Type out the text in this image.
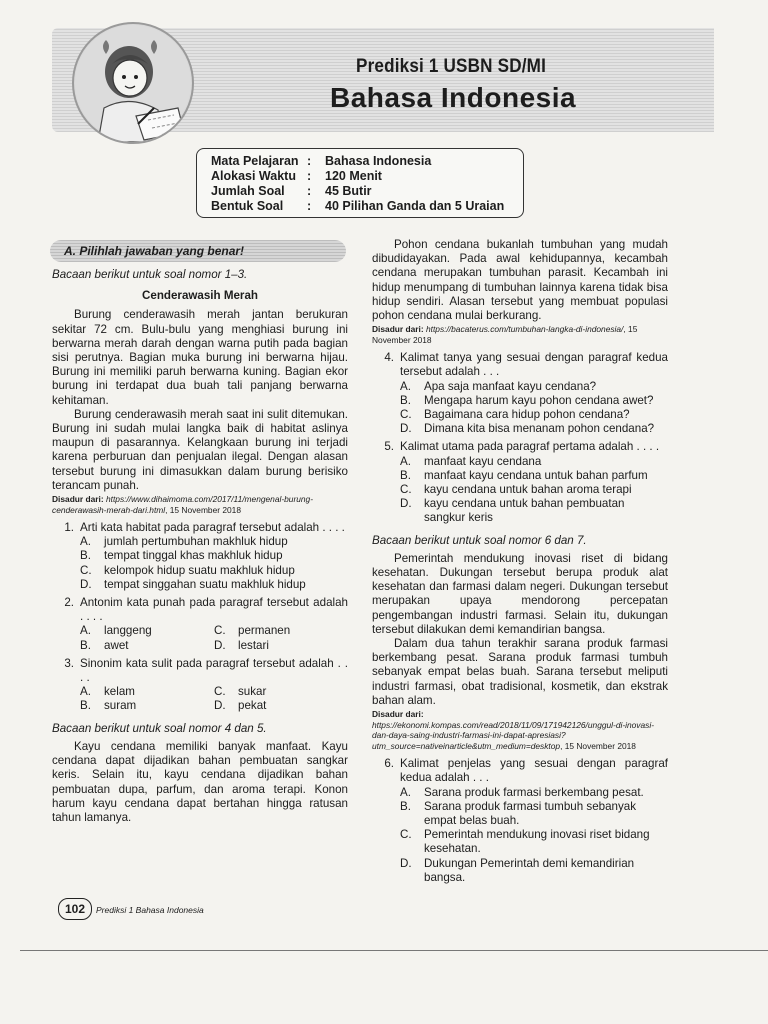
Prediksi 1 USBN SD/MI
Bahasa Indonesia
Mata Pelajaran : Bahasa Indonesia
Alokasi Waktu : 120 Menit
Jumlah Soal : 45 Butir
Bentuk Soal : 40 Pilihan Ganda dan 5 Uraian
A. Pilihlah jawaban yang benar!
Bacaan berikut untuk soal nomor 1–3.
Cenderawasih Merah

Burung cenderawasih merah jantan berukuran sekitar 72 cm. Bulu-bulu yang menghiasi burung ini berwarna merah darah dengan warna putih pada bagian sisi perutnya. Bagian muka burung ini berwarna hijau. Burung ini memiliki paruh berwarna kuning. Bagian ekor burung ini terdapat dua buah tali panjang berwarna kehitaman.

Burung cenderawasih merah saat ini sulit ditemukan. Burung ini sudah mulai langka baik di habitat aslinya maupun di pasarannya. Kelangkaan burung ini terjadi karena perburuan dan penjualan ilegal. Dengan alasan tersebut burung ini dimasukkan dalam burung berisiko terancam punah.

Disadur dari: https://www.dihaimoma.com/2017/11/mengenal-burung-cenderawasih-merah-dari.html, 15 November 2018
1. Arti kata habitat pada paragraf tersebut adalah . . . .
A.	jumlah pertumbuhan makhluk hidup
B.	tempat tinggal khas makhluk hidup
C.	kelompok hidup suatu makhluk hidup
D.	tempat singgahan suatu makhluk hidup
2. Antonim kata punah pada paragraf tersebut adalah . . . .
A.	langgeng	C.	permanen
B.	awet	D.	lestari
3. Sinonim kata sulit pada paragraf tersebut adalah . . . .
A.	kelam	C.	sukar
B.	suram	D.	pekat
Bacaan berikut untuk soal nomor 4 dan 5.

Kayu cendana memiliki banyak manfaat. Kayu cendana dapat dijadikan bahan pembuatan sangkar keris. Selain itu, kayu cendana dijadikan bahan pembuatan dupa, parfum, dan aroma terapi. Konon harum kayu cendana dapat bertahan hingga ratusan tahun lamanya.

Pohon cendana bukanlah tumbuhan yang mudah dibudidayakan. Pada awal kehidupannya, kecambah cendana merupakan tumbuhan parasit. Kecambah ini hidup menumpang di tumbuhan lainnya karena tidak bisa hidup sendiri. Alasan tersebut yang membuat populasi pohon cendana mulai berkurang.

Disadur dari: https://bacaterus.com/tumbuhan-langka-di-indonesia/, 15 November 2018
4. Kalimat tanya yang sesuai dengan paragraf kedua tersebut adalah . . .
A.	Apa saja manfaat kayu cendana?
B.	Mengapa harum kayu pohon cendana awet?
C.	Bagaimana cara hidup pohon cendana?
D.	Dimana kita bisa menanam pohon cendana?
5. Kalimat utama pada paragraf pertama adalah . . . .
A.	manfaat kayu cendana
B.	manfaat kayu cendana untuk bahan parfum
C.	kayu cendana untuk bahan aroma terapi
D.	kayu cendana untuk bahan pembuatan sangkur keris
Bacaan berikut untuk soal nomor 6 dan 7.

Pemerintah mendukung inovasi riset di bidang kesehatan. Dukungan tersebut berupa produk alat kesehatan dan farmasi dalam negeri. Dukungan tersebut merupakan upaya mendorong percepatan pengembangan industri farmasi. Selain itu, dukungan tersebut dilakukan demi kemandirian bangsa.

Dalam dua tahun terakhir sarana produk farmasi berkembang pesat. Sarana produk farmasi tumbuh sebanyak empat belas buah. Sarana tersebut meliputi industri farmasi, obat tradisional, kosmetik, dan ekstrak bahan alam.

Disadur dari: https://ekonomi.kompas.com/read/2018/11/09/171942126/unggul-di-inovasi-dan-daya-saing-industri-farmasi-ini-dapat-apresiasi?utm_source=nativeinarticle&utm_medium=desktop, 15 November 2018
6. Kalimat penjelas yang sesuai dengan paragraf kedua adalah . . .
A.	Sarana produk farmasi berkembang pesat.
B.	Sarana produk farmasi tumbuh sebanyak empat belas buah.
C.	Pemerintah mendukung inovasi riset bidang kesehatan.
D.	Dukungan Pemerintah demi kemandirian bangsa.
102	Prediksi 1 Bahasa Indonesia
